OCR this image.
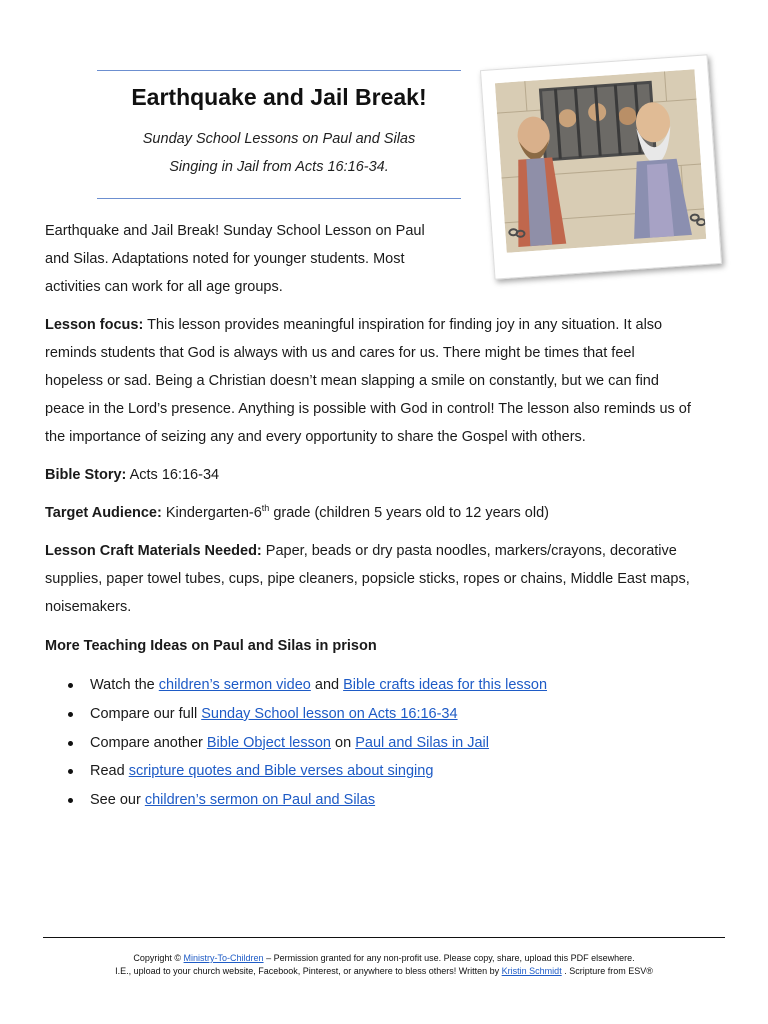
Earthquake and Jail Break!
Sunday School Lessons on Paul and Silas
Singing in Jail from Acts 16:16-34.
Earthquake and Jail Break! Sunday School Lesson on Paul
and Silas. Adaptations noted for younger students. Most
activities can work for all age groups.
Lesson focus: This lesson provides meaningful inspiration for finding joy in any situation. It also
reminds students that God is always with us and cares for us. There might be times that feel
hopeless or sad. Being a Christian doesn’t mean slapping a smile on constantly, but we can find
peace in the Lord’s presence. Anything is possible with God in control! The lesson also reminds us of
the importance of seizing any and every opportunity to share the Gospel with others.
Bible Story: Acts 16:16-34
Target Audience: Kindergarten-6th grade (children 5 years old to 12 years old)
Lesson Craft Materials Needed: Paper, beads or dry pasta noodles, markers/crayons, decorative
supplies, paper towel tubes, cups, pipe cleaners, popsicle sticks, ropes or chains, Middle East maps,
noisemakers.
More Teaching Ideas on Paul and Silas in prison
Watch the children’s sermon video and Bible crafts ideas for this lesson
Compare our full Sunday School lesson on Acts 16:16-34
Compare another Bible Object lesson on Paul and Silas in Jail
Read scripture quotes and Bible verses about singing
See our children’s sermon on Paul and Silas
Copyright © Ministry-To-Children – Permission granted for any non-profit use. Please copy, share, upload this PDF elsewhere.
I.E., upload to your church website, Facebook, Pinterest, or anywhere to bless others! Written by Kristin Schmidt . Scripture from ESV®
